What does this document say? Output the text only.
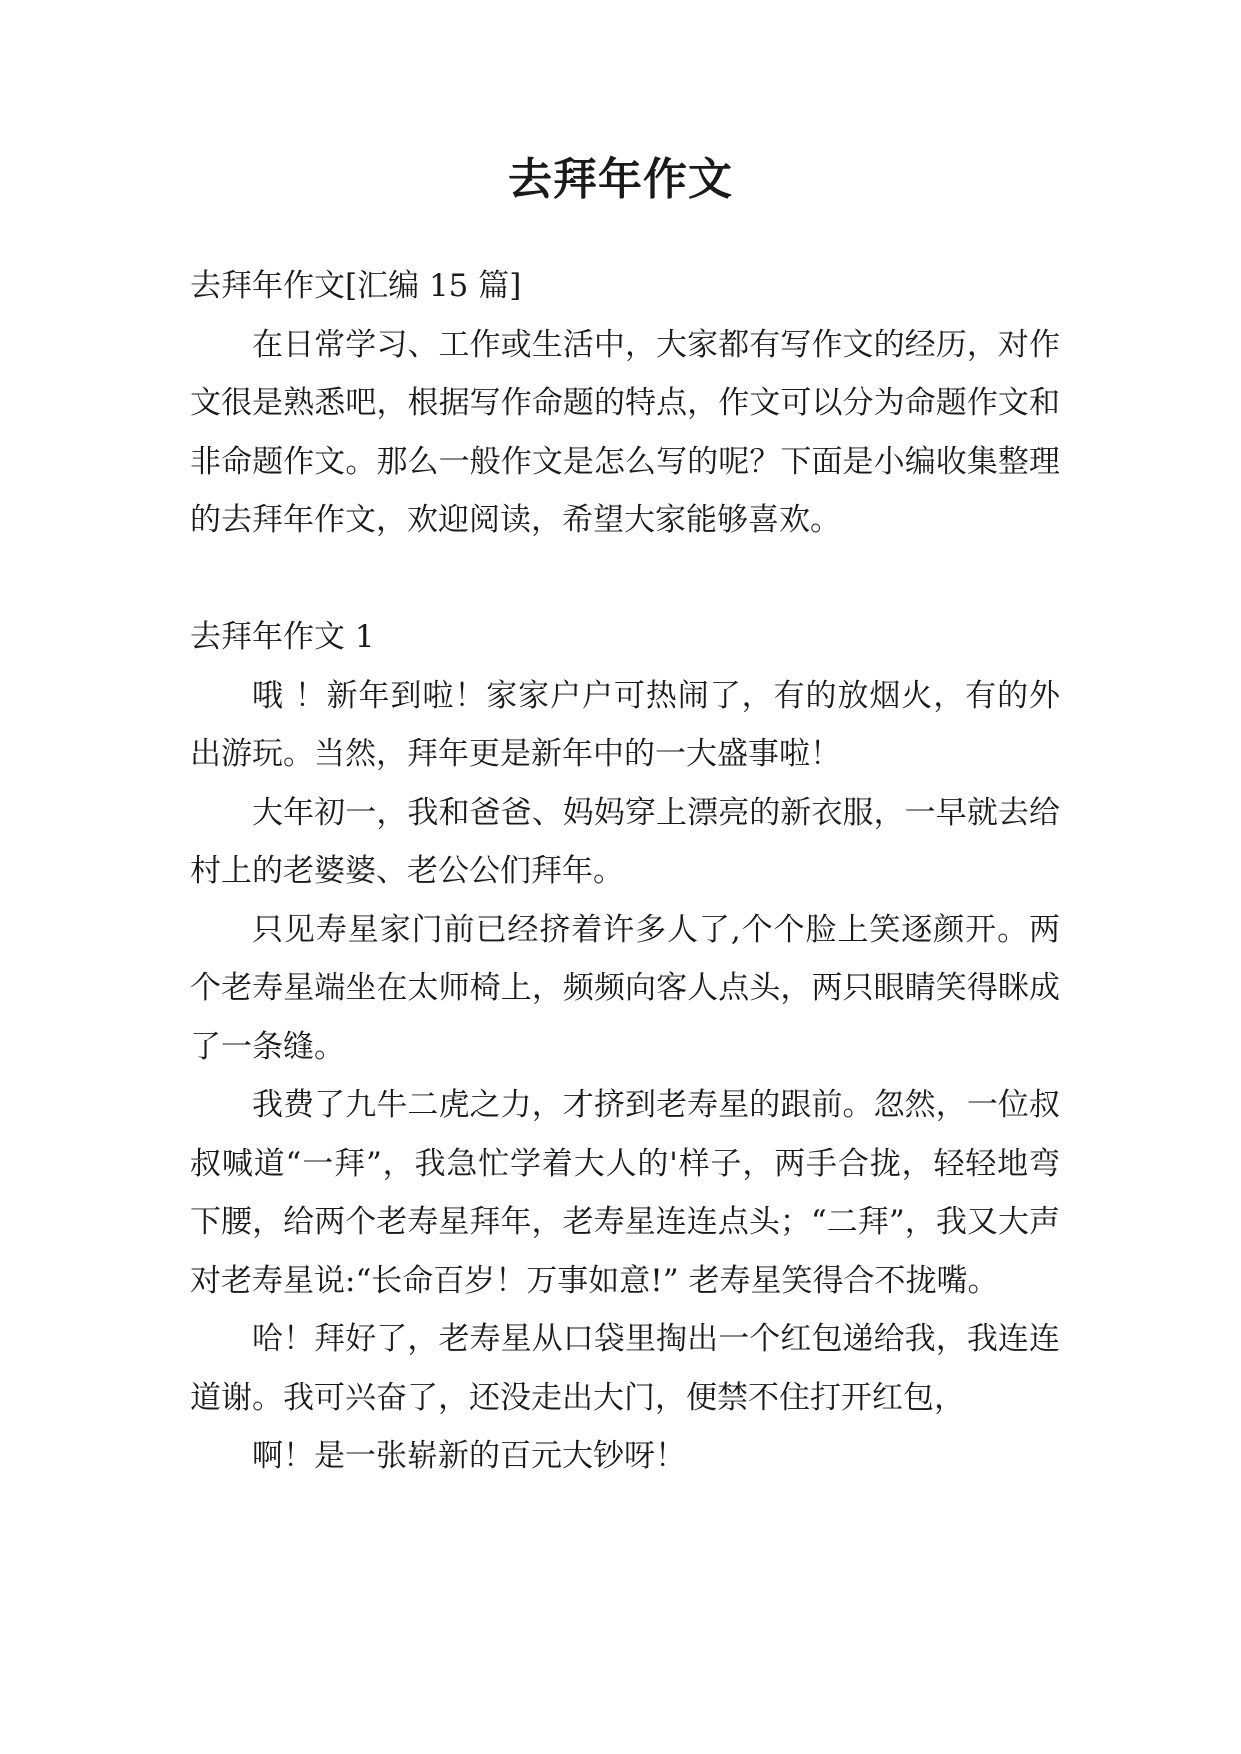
去拜年作文

去拜年作文[汇编 15 篇]

在日常学习、工作或生活中，大家都有写作文的经历，对作文很是熟悉吧，根据写作命题的特点，作文可以分为命题作文和非命题作文。那么一般作文是怎么写的呢？下面是小编收集整理的去拜年作文，欢迎阅读，希望大家能够喜欢。

去拜年作文 1

哦 ！新年到啦！家家户户可热闹了，有的放烟火，有的外出游玩。当然，拜年更是新年中的一大盛事啦！

大年初一，我和爸爸、妈妈穿上漂亮的新衣服，一早就去给村上的老婆婆、老公公们拜年。

只见寿星家门前已经挤着许多人了,个个脸上笑逐颜开。两个老寿星端坐在太师椅上，频频向客人点头，两只眼睛笑得眯成了一条缝。

我费了九牛二虎之力，才挤到老寿星的跟前。忽然，一位叔叔喊道“一拜”，我急忙学着大人的'样子，两手合拢，轻轻地弯下腰，给两个老寿星拜年，老寿星连连点头；“二拜”，我又大声对老寿星说:“长命百岁！万事如意!” 老寿星笑得合不拢嘴。

哈！拜好了，老寿星从口袋里掏出一个红包递给我，我连连道谢。我可兴奋了，还没走出大门，便禁不住打开红包，

啊！是一张崭新的百元大钞呀！
